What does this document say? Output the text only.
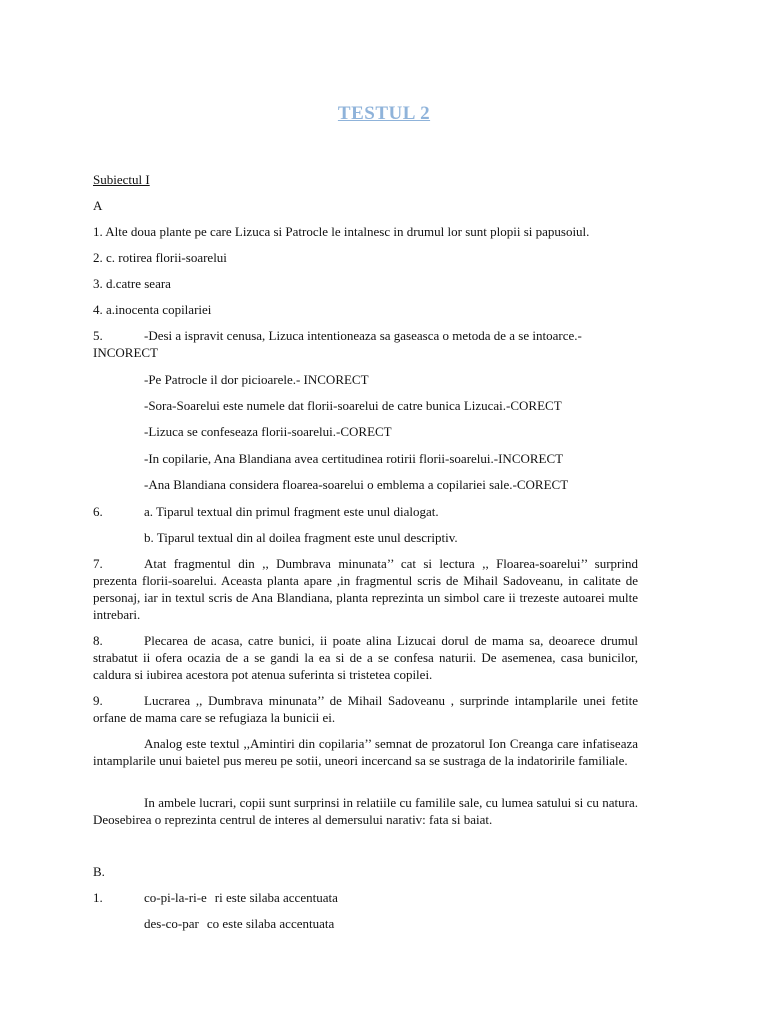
TESTUL 2
Subiectul I
A
1. Alte doua plante pe care Lizuca si Patrocle le intalnesc in drumul lor sunt plopii si papusoiul.
2. c. rotirea florii-soarelui
3. d.catre seara
4. a.inocenta copilariei
5.	-Desi a ispravit cenusa, Lizuca intentioneaza sa gaseasca o metoda de a se intoarce.-
INCORECT
-Pe Patrocle il dor picioarele.- INCORECT
-Sora-Soarelui este numele dat florii-soarelui de catre bunica Lizucai.-CORECT
-Lizuca se confeseaza florii-soarelui.-CORECT
-In copilarie, Ana Blandiana avea certitudinea rotirii florii-soarelui.-INCORECT
-Ana Blandiana considera floarea-soarelui o emblema a copilariei sale.-CORECT
6.	a. Tiparul textual din primul fragment este unul dialogat.
b. Tiparul textual din al doilea fragment este unul descriptiv.
7.	Atat fragmentul din ,, Dumbrava minunata’’ cat si lectura ,, Floarea-soarelui’’ surprind prezenta florii-soarelui. Aceasta planta apare ,in fragmentul scris de Mihail Sadoveanu, in calitate de personaj, iar in textul scris de Ana Blandiana, planta reprezinta un simbol care ii trezeste autoarei multe intrebari.
8.	Plecarea de acasa, catre bunici, ii poate alina Lizucai dorul de mama sa, deoarece drumul strabatut ii ofera ocazia de a se gandi la ea si de a se confesa naturii. De asemenea, casa bunicilor, caldura si iubirea acestora pot atenua suferinta si tristetea copilei.
9.	Lucrarea ,, Dumbrava minunata’’ de Mihail Sadoveanu , surprinde intamplarile unei fetite orfane de mama care se refugiaza la bunicii ei.
Analog este textul ,,Amintiri din copilaria’’ semnat de prozatorul Ion Creanga care infatiseaza intamplarile unui baietel pus mereu pe sotii, uneori incercand sa se sustraga de la indatoririle familiale.
In ambele lucrari, copii sunt surprinsi in relatiile cu familile sale, cu lumea satului si cu natura. Deosebirea o reprezinta centrul de interes al demersului narativ: fata si baiat.
B.
1.	co-pi-la-ri-e ri este silaba accentuata
des-co-par co este silaba accentuata
